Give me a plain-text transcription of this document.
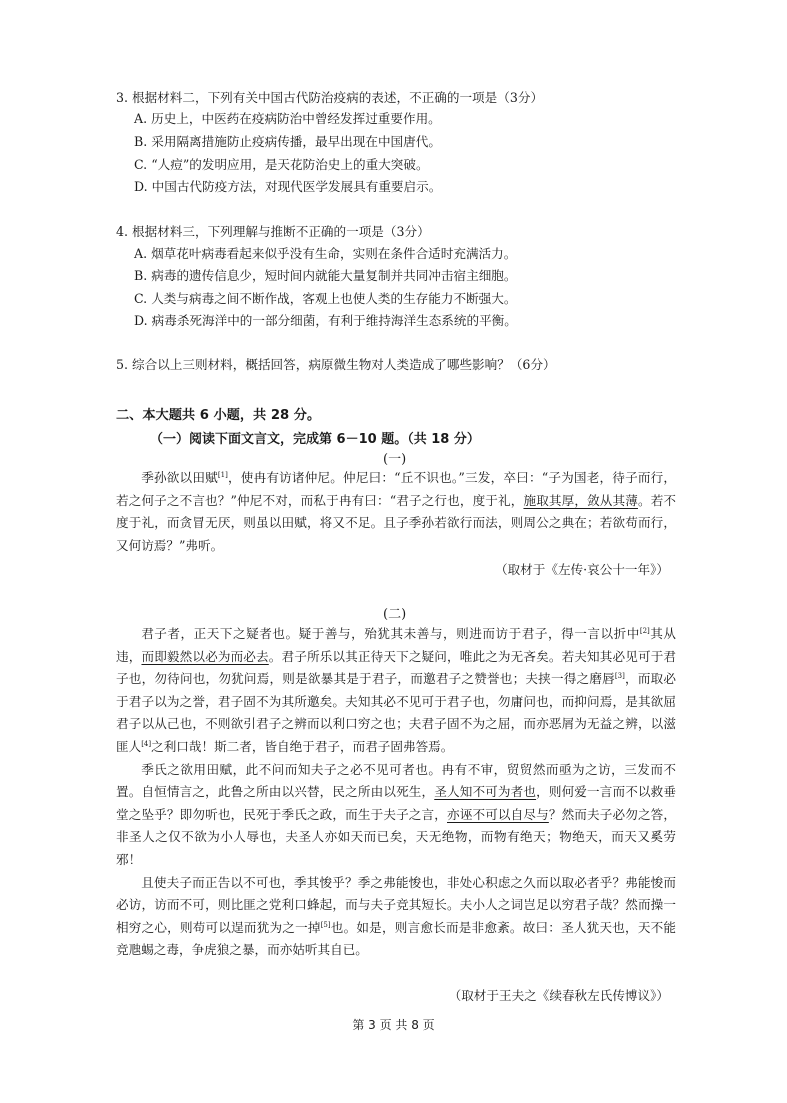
3. 根据材料二，下列有关中国古代防治疫病的表述，不正确的一项是（3分）
A. 历史上，中医药在疫病防治中曾经发挥过重要作用。
B. 采用隔离措施防止疫病传播，最早出现在中国唐代。
C. “人痘”的发明应用，是天花防治史上的重大突破。
D. 中国古代防疫方法，对现代医学发展具有重要启示。
4. 根据材料三，下列理解与推断不正确的一项是（3分）
A. 烟草花叶病毒看起来似乎没有生命，实则在条件合适时充满活力。
B. 病毒的遗传信息少，短时间内就能大量复制并共同冲击宿主细胞。
C. 人类与病毒之间不断作战，客观上也使人类的生存能力不断强大。
D. 病毒杀死海洋中的一部分细菌，有利于维持海洋生态系统的平衡。
5. 综合以上三则材料，概括回答，病原微生物对人类造成了哪些影响？（6分）
二、本大题共 6 小题，共 28 分。
（一）阅读下面文言文，完成第 6－10 题。（共 18 分）
(一)

季孙欲以田赋[1]，使冉有访诸仲尼。仲尼曰：“丘不识也。”三发，卒曰：“子为国老，待子而行，若之何子之不言也？”仲尼不对，而私于冉有曰：“君子之行也，度于礼，施取其厚，敛从其薄。若不度于礼，而贪冒无厌，则虽以田赋，将又不足。且子季孙若欲行而法，则周公之典在；若欲苟而行，又何访焉？”弗听。

（取材于《左传·哀公十一年》）
(二)

君子者，正天下之疑者也。疑于善与，殆犹其未善与，则进而访于君子，得一言以折中[2]其从违，而即毅然以必为而必去。君子所乐以其正待天下之疑问，唯此之为无吝矣。若夫知其必见可于君子也，勿待问也，勿犹问焉，则是欲暴其是于君子，而邀君子之赞誉也；夫挟一得之磨唇[3]，而取必于君子以为之誉，君子固不为其所邀矣。夫知其必不见可于君子也，勿庸问也，而抑问焉，是其欲屈君子以从己也，不则欲引君子之辨而以利口穷之也；夫君子固不为之屈，而亦恶屑为无益之辨，以滋匪人[4]之利口哉！斯二者，皆自绝于君子，而君子固弗答焉。

季氏之欲用田赋，此不问而知夫子之必不见可者也。冉有不审，贸贸然而亟为之访，三发而不置。自恒情言之，此鲁之所由以兴替，民之所由以死生，圣人知不可为者也，则何爱一言而不以救垂堂之坠乎？即勿听也，民死于季氏之政，而生于夫子之言，亦诬不可以自尽与？然而夫子必勿之答，非圣人之仅不欲为小人辱也，夫圣人亦如天而已矣，天无绝物，而物有绝天；物绝天，而天又奚劳邪！

且使夫子而正告以不可也，季其悛乎？季之弗能悛也，非处心积虑之久而以取必者乎？弗能悛而必访，访而不可，则比匪之党利口蜂起，而与夫子竞其短长。夫小人之词岂足以穷君子哉？然而操一相穷之心，则苟可以逞而犹为之一掉[5]也。如是，则言愈长而是非愈紊。故曰：圣人犹天也，天不能竞虺蜴之毒，争虎狼之暴，而亦姑听其自已。

（取材于王夫之《续春秋左氏传博议》）
第 3 页 共 8 页
